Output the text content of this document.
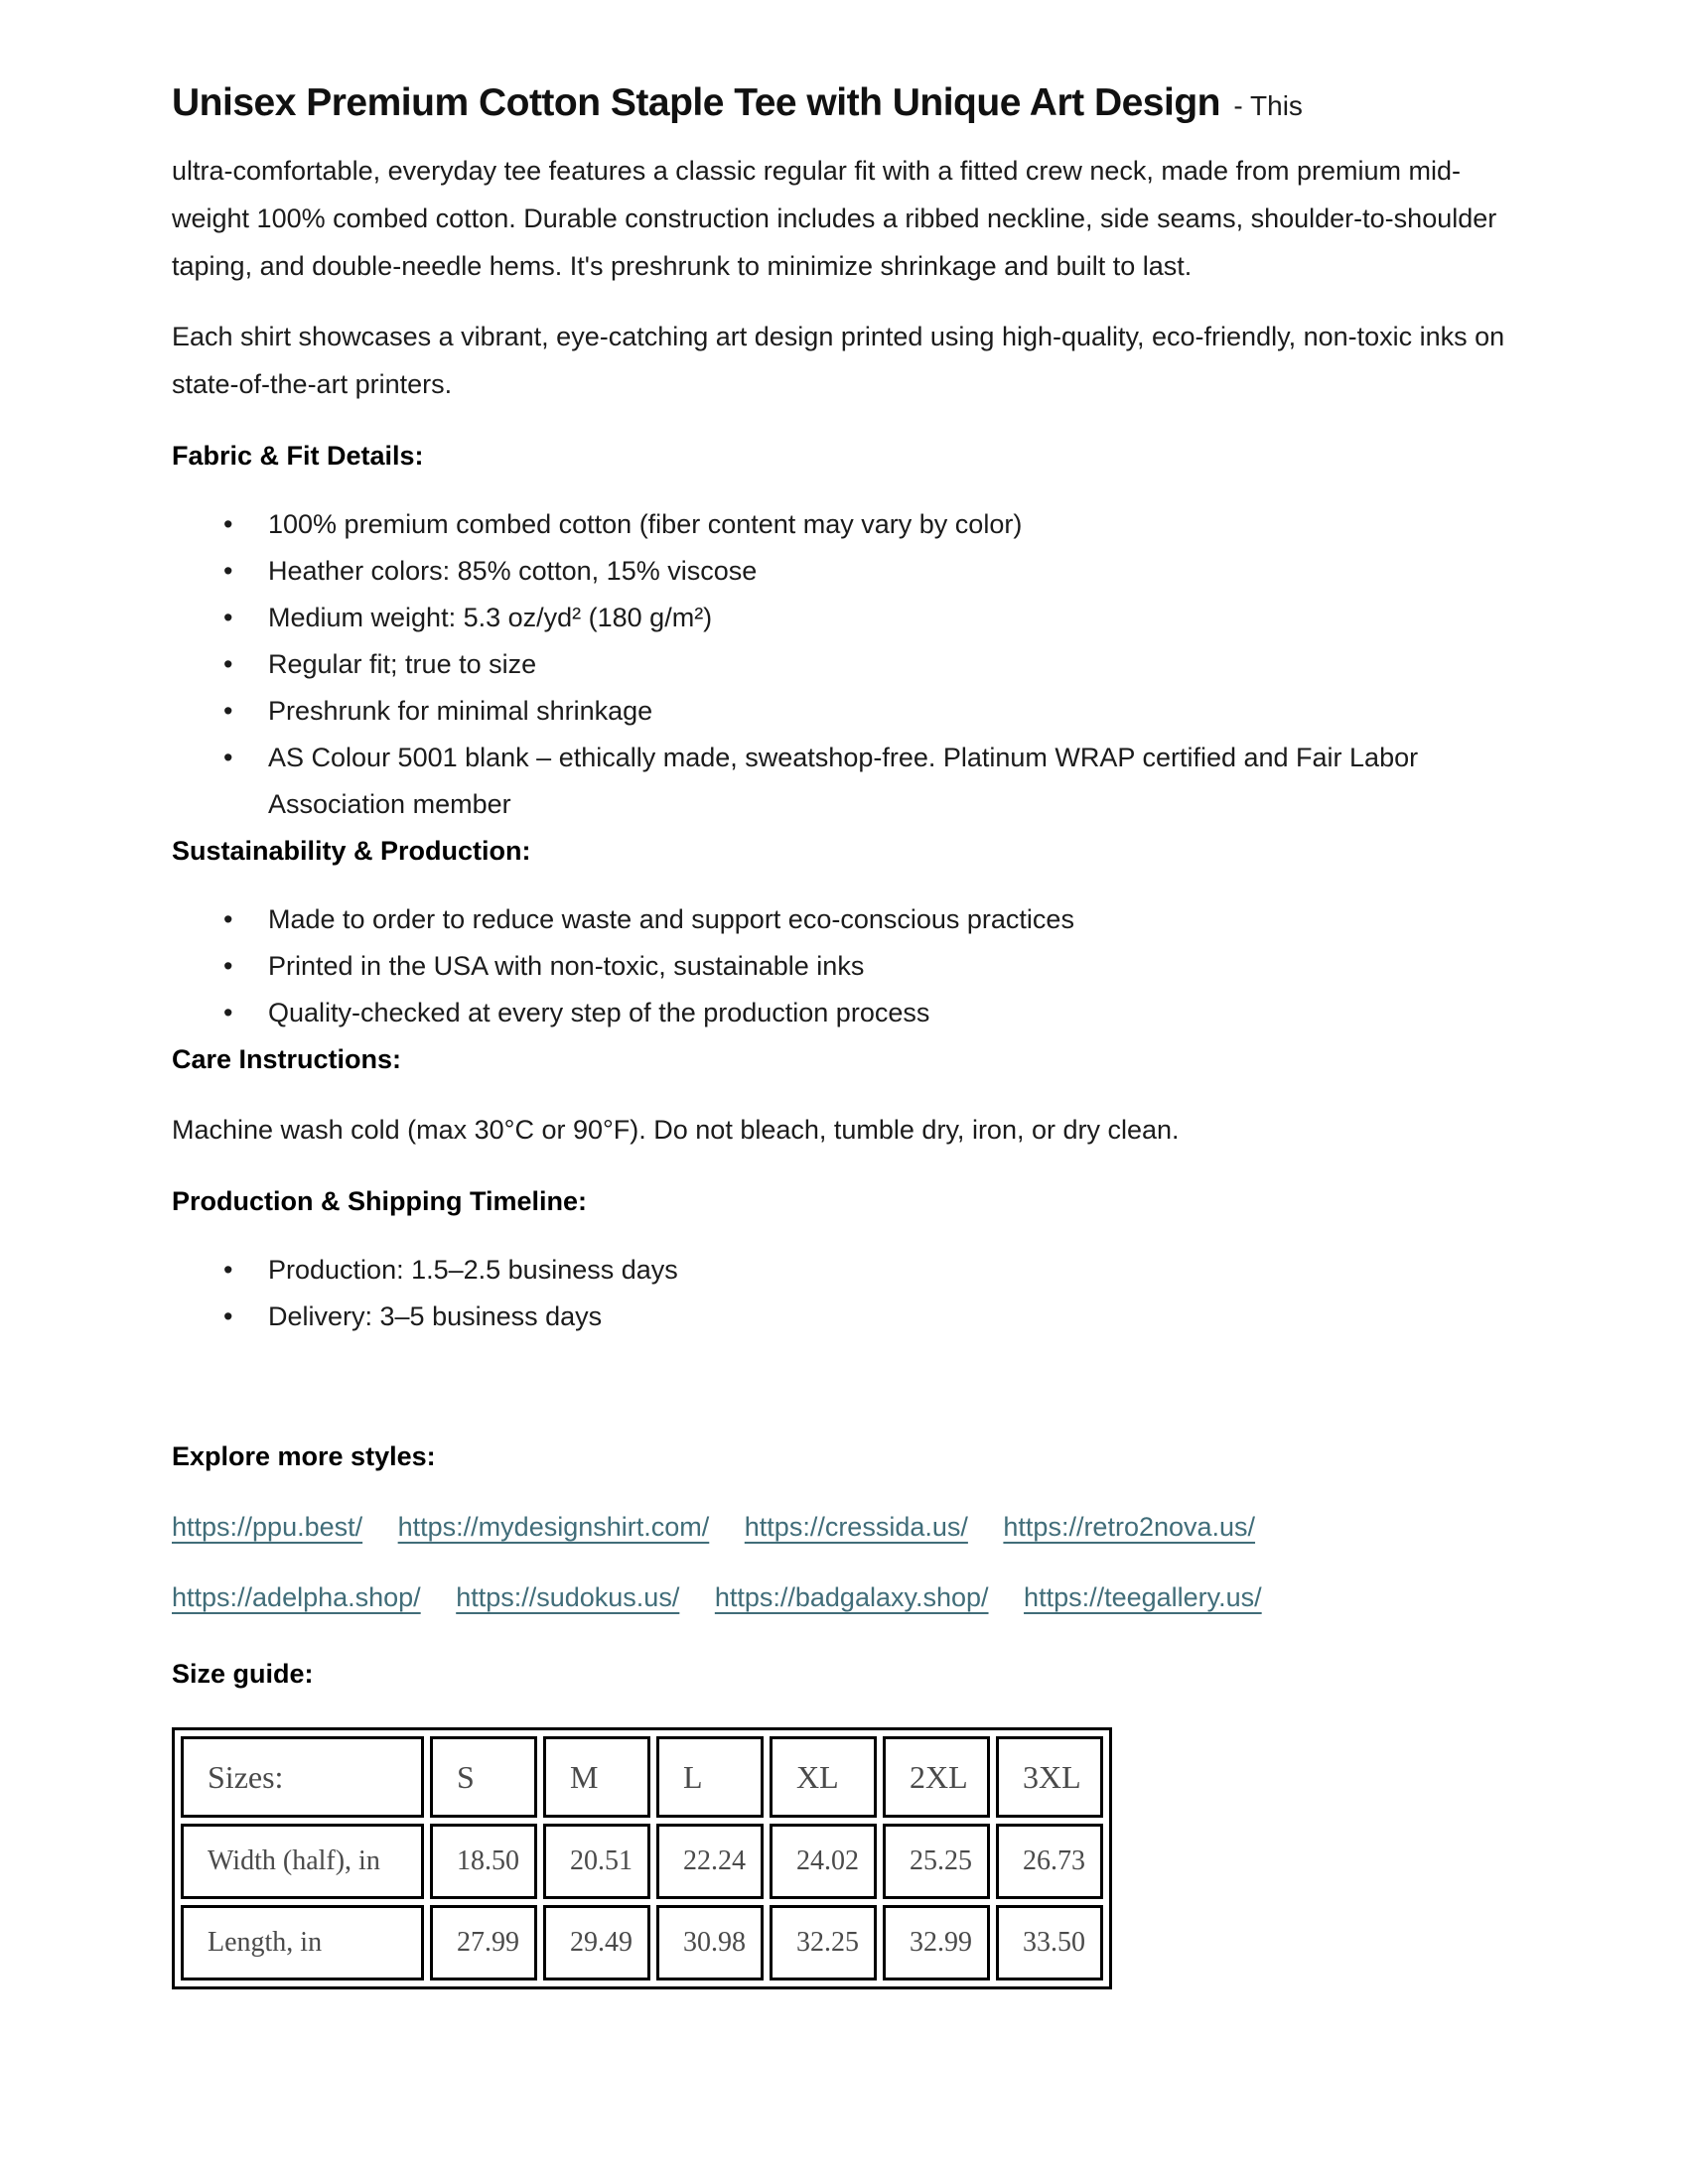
Unisex Premium Cotton Staple Tee with Unique Art Design - This

ultra-comfortable, everyday tee features a classic regular fit with a fitted crew neck, made from premium mid-weight 100% combed cotton. Durable construction includes a ribbed neckline, side seams, shoulder-to-shoulder taping, and double-needle hems. It's preshrunk to minimize shrinkage and built to last.

Each shirt showcases a vibrant, eye-catching art design printed using high-quality, eco-friendly, non-toxic inks on state-of-the-art printers.

Fabric & Fit Details:
• 100% premium combed cotton (fiber content may vary by color)
• Heather colors: 85% cotton, 15% viscose
• Medium weight: 5.3 oz/yd² (180 g/m²)
• Regular fit; true to size
• Preshrunk for minimal shrinkage
• AS Colour 5001 blank – ethically made, sweatshop-free. Platinum WRAP certified and Fair Labor Association member
Sustainability & Production:
• Made to order to reduce waste and support eco-conscious practices
• Printed in the USA with non-toxic, sustainable inks
• Quality-checked at every step of the production process
Care Instructions:

Machine wash cold (max 30°C or 90°F). Do not bleach, tumble dry, iron, or dry clean.

Production & Shipping Timeline:
• Production: 1.5–2.5 business days
• Delivery: 3–5 business days
Explore more styles:

https://ppu.best/ https://mydesignshirt.com/ https://cressida.us/ https://retro2nova.us/

https://adelpha.shop/ https://sudokus.us/ https://badgalaxy.shop/ https://teegallery.us/

Size guide:
Sizes:	S	M	L	XL	2XL	3XL
Width (half), in	18.50	20.51	22.24	24.02	25.25	26.73
Length, in	27.99	29.49	30.98	32.25	32.99	33.50
